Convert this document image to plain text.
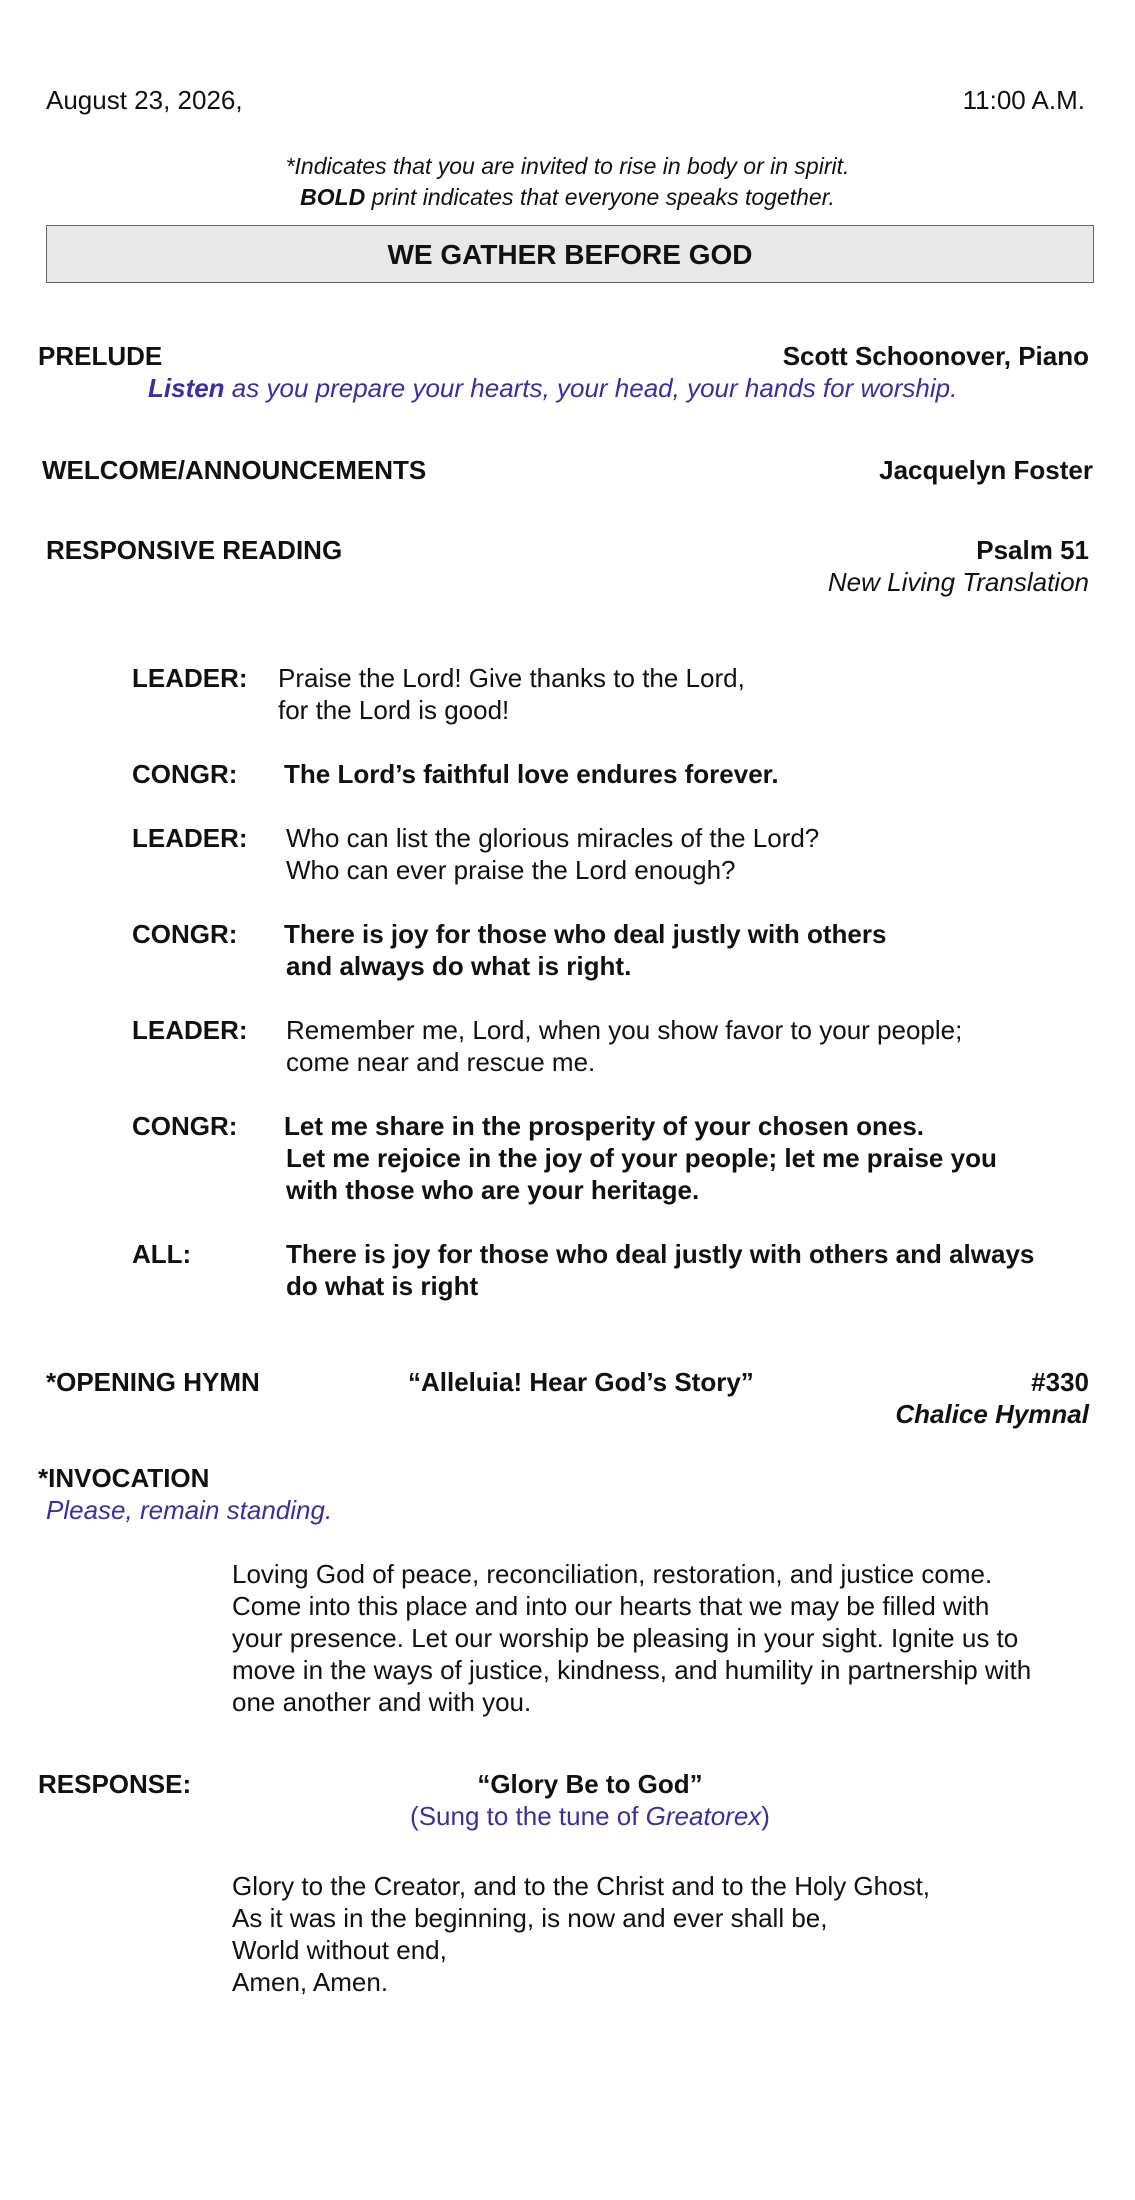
August 23, 2026,	11:00 A.M.
*Indicates that you are invited to rise in body or in spirit.
BOLD print indicates that everyone speaks together.
WE GATHER BEFORE GOD
PRELUDE	Scott Schoonover, Piano
Listen as you prepare your hearts, your head, your hands for worship.
WELCOME/ANNOUNCEMENTS	Jacquelyn Foster
RESPONSIVE READING	Psalm 51
New Living Translation
LEADER: Praise the Lord! Give thanks to the Lord,
for the Lord is good!
CONGR: The Lord’s faithful love endures forever.
LEADER: Who can list the glorious miracles of the Lord?
Who can ever praise the Lord enough?
CONGR: There is joy for those who deal justly with others
and always do what is right.
LEADER: Remember me, Lord, when you show favor to your people;
come near and rescue me.
CONGR: Let me share in the prosperity of your chosen ones.
Let me rejoice in the joy of your people; let me praise you
with those who are your heritage.
ALL:	There is joy for those who deal justly with others and always
do what is right
*OPENING HYMN	“Alleluia! Hear God’s Story”	#330
Chalice Hymnal
*INVOCATION
Please, remain standing.
Loving God of peace, reconciliation, restoration, and justice come.
Come into this place and into our hearts that we may be filled with
your presence. Let our worship be pleasing in your sight. Ignite us to
move in the ways of justice, kindness, and humility in partnership with
one another and with you.
RESPONSE:	“Glory Be to God”
(Sung to the tune of Greatorex)
Glory to the Creator, and to the Christ and to the Holy Ghost,
As it was in the beginning, is now and ever shall be,
World without end,
Amen, Amen.
